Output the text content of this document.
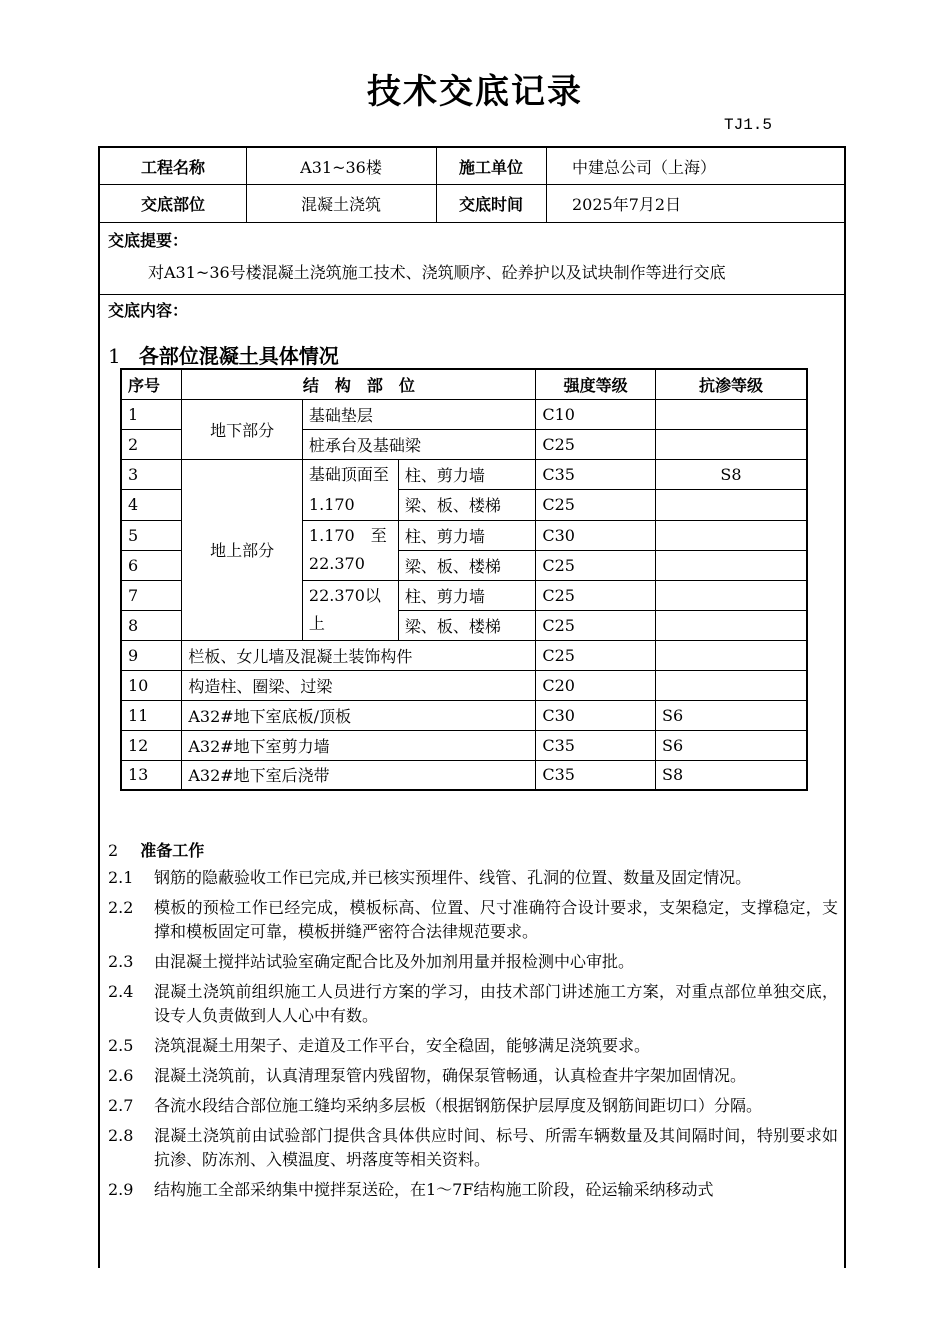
技术交底记录
TJ1.5
工程名称	A31~36楼	施工单位	中建总公司（上海）
交底部位	混凝土浇筑	交底时间	2025年7月2日
交底提要：
对A31~36号楼混凝土浇筑施工技术、浇筑顺序、砼养护以及试块制作等进行交底
交底内容：
1 各部位混凝土具体情况
序号	结　构　部　位			强度等级	抗渗等级
1	地下部分	基础垫层		C10	
2		桩承台及基础梁		C25	
3	地上部分	基础顶面至1.170	柱、剪力墙	C35	S8
4			梁、板、楼梯	C25	
5		1.170　至22.370	柱、剪力墙	C30	
6			梁、板、楼梯	C25	
7		22.370以上	柱、剪力墙	C25	
8			梁、板、楼梯	C25	
9	栏板、女儿墙及混凝土装饰构件			C25	
10	构造柱、圈梁、过梁			C20	
11	A32#地下室底板/顶板			C30	S6
12	A32#地下室剪力墙			C35	S6
13	A32#地下室后浇带			C35	S8
2 准备工作
2.1	钢筋的隐蔽验收工作已完成,并已核实预埋件、线管、孔洞的位置、数量及固定情况。
2.2	模板的预检工作已经完成，模板标高、位置、尺寸准确符合设计要求，支架稳定，支撑稳定，支撑和模板固定可靠，模板拼缝严密符合法律规范要求。
2.3	由混凝土搅拌站试验室确定配合比及外加剂用量并报检测中心审批。
2.4	混凝土浇筑前组织施工人员进行方案的学习，由技术部门讲述施工方案，对重点部位单独交底，设专人负责做到人人心中有数。
2.5	浇筑混凝土用架子、走道及工作平台，安全稳固，能够满足浇筑要求。
2.6	混凝土浇筑前，认真清理泵管内残留物，确保泵管畅通，认真检查井字架加固情况。
2.7	各流水段结合部位施工缝均采纳多层板（根据钢筋保护层厚度及钢筋间距切口）分隔。
2.8	混凝土浇筑前由试验部门提供含具体供应时间、标号、所需车辆数量及其间隔时间，特别要求如抗渗、防冻剂、入模温度、坍落度等相关资料。
2.9	结构施工全部采纳集中搅拌泵送砼，在1～7F结构施工阶段，砼运输采纳移动式
